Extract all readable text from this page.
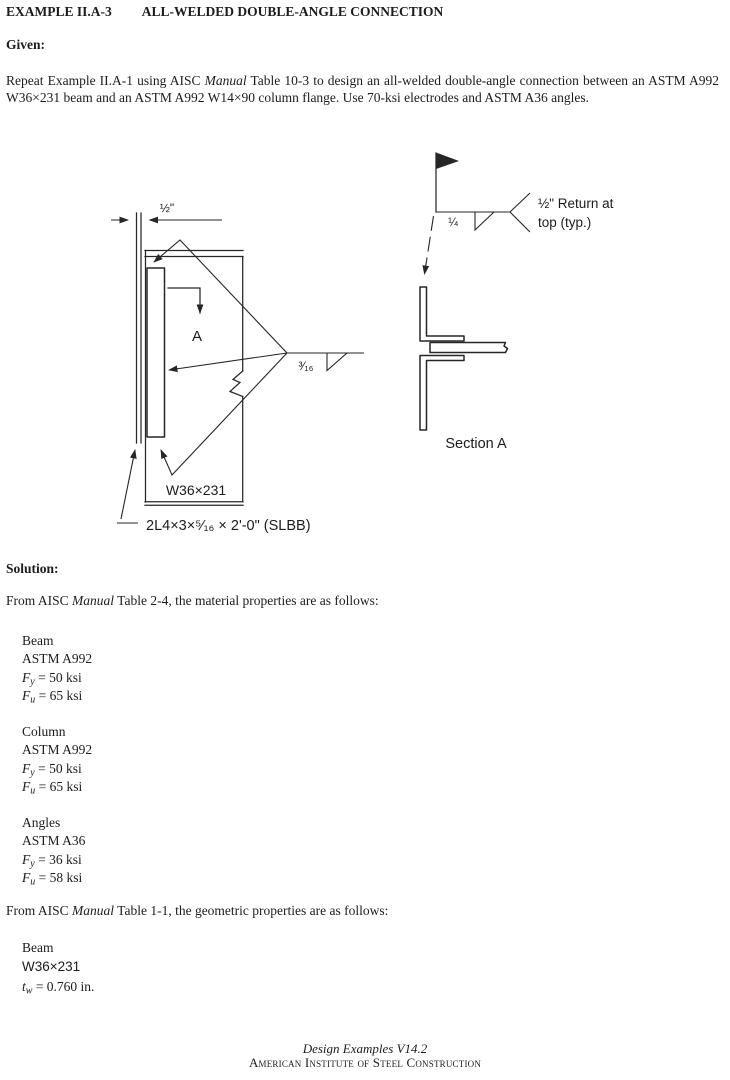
EXAMPLE II.A-3 ALL-WELDED DOUBLE-ANGLE CONNECTION
Given:

Repeat Example II.A-1 using AISC Manual Table 10-3 to design an all-welded double-angle connection between an ASTM A992 W36×231 beam and an ASTM A992 W14×90 column flange. Use 70-ksi electrodes and ASTM A36 angles.

½"
W36×231
A
³⁄₁₆
2L4×3×⁵⁄₁₆ × 2'-0" (SLBB)
¼
½" Return at
top (typ.)
Section A
Solution:

From AISC Manual Table 2-4, the material properties are as follows:

Beam
ASTM A992
$F_y = 50$ ksi
$F_u = 65$ ksi
Column
ASTM A992
$F_y = 50$ ksi
$F_u = 65$ ksi
Angles
ASTM A36
$F_y = 36$ ksi
$F_u = 58$ ksi

From AISC Manual Table 1-1, the geometric properties are as follows:

Beam
W36×231
$t_w = 0.760$ in.
Design Examples V14.2
American Institute of Steel Construction
